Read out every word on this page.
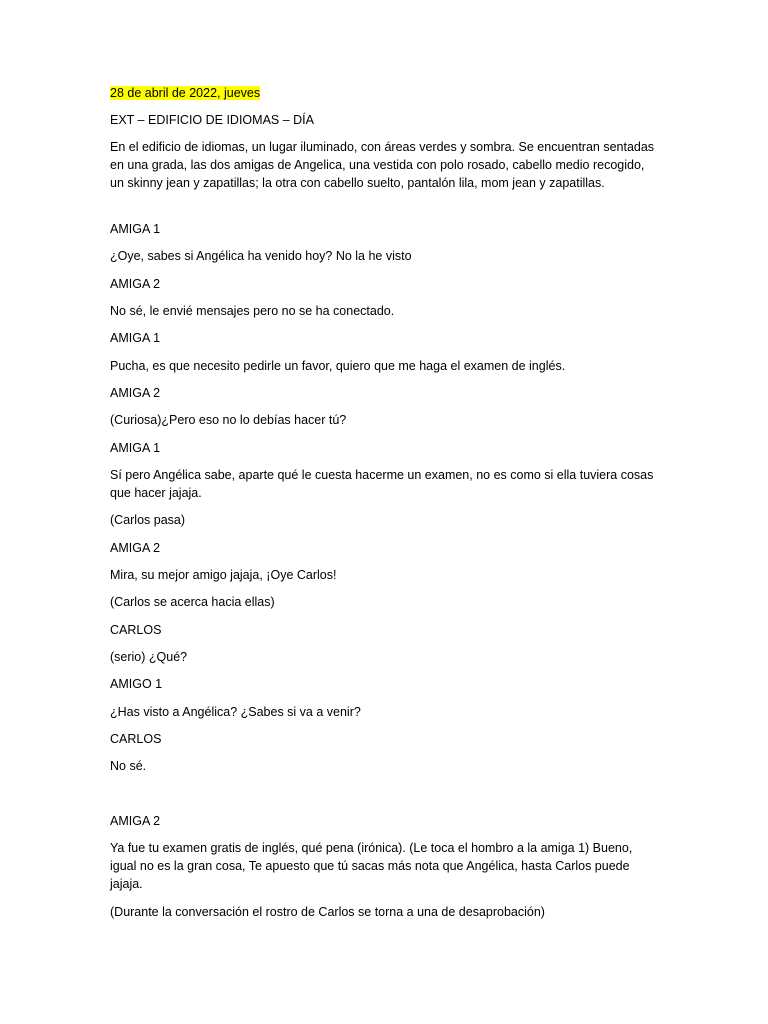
28 de abril de 2022, jueves

EXT – EDIFICIO DE IDIOMAS – DÍA

En el edificio de idiomas, un lugar iluminado, con áreas verdes y sombra. Se encuentran sentadas en una grada, las dos amigas de Angelica, una vestida con polo rosado, cabello medio recogido, un skinny jean y zapatillas; la otra con cabello suelto, pantalón lila, mom jean y zapatillas.

AMIGA 1

¿Oye, sabes si Angélica ha venido hoy? No la he visto

AMIGA 2

No sé, le envié mensajes pero no se ha conectado.

AMIGA 1

Pucha, es que necesito pedirle un favor, quiero que me haga el examen de inglés.

AMIGA 2

(Curiosa)¿Pero eso no lo debías hacer tú?

AMIGA 1

Sí pero Angélica sabe, aparte qué le cuesta hacerme un examen, no es como si ella tuviera cosas que hacer jajaja.

(Carlos pasa)

AMIGA 2

Mira, su mejor amigo jajaja, ¡Oye Carlos!

(Carlos se acerca hacia ellas)

CARLOS

(serio) ¿Qué?

AMIGO 1

¿Has visto a Angélica? ¿Sabes si va a venir?

CARLOS

No sé.

AMIGA 2

Ya fue tu examen gratis de inglés, qué pena (irónica). (Le toca el hombro a la amiga 1) Bueno, igual no es la gran cosa, Te apuesto que tú sacas más nota que Angélica, hasta Carlos puede jajaja.

(Durante la conversación el rostro de Carlos se torna a una de desaprobación)
